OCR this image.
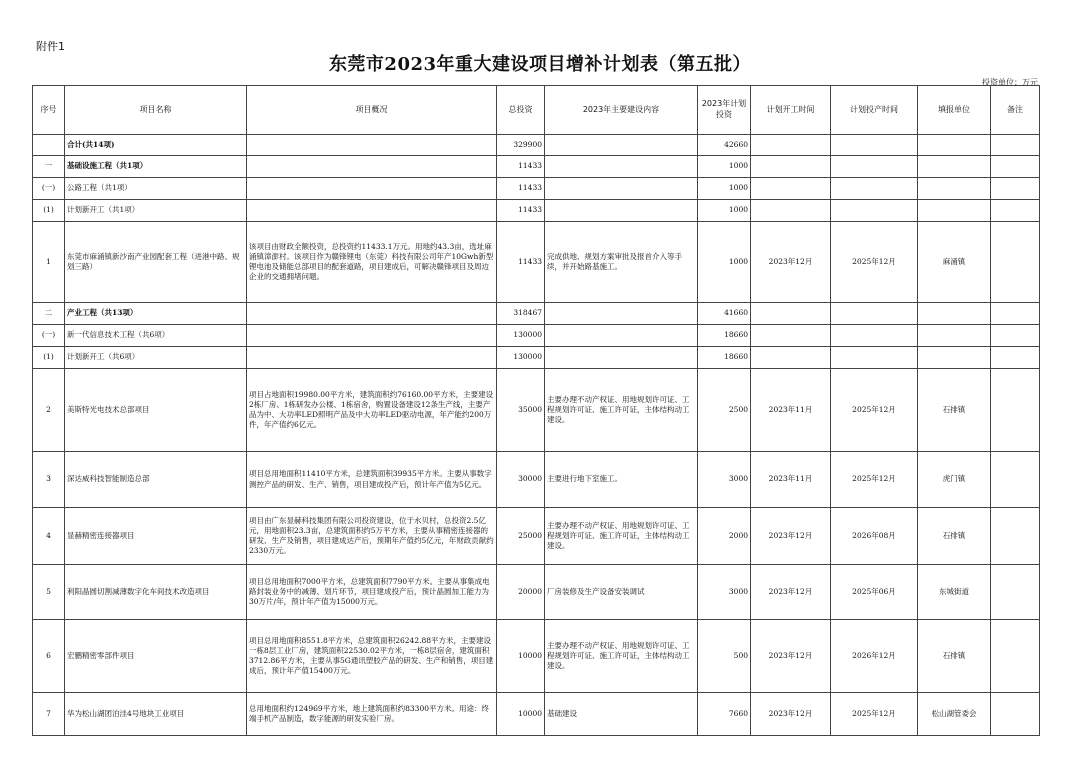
附件1
东莞市2023年重大建设项目增补计划表（第五批）
投资单位：万元
序号	项目名称	项目概况	总投资	2023年主要建设内容	2023年计划投资	计划开工时间	计划投产时间	填报单位	备注
	合计(共14项)		329900		42660				
一	基础设施工程（共1项）		11433		1000				
(一)	公路工程（共1项）		11433		1000				
(1)	计划新开工（共1项）		11433		1000				
1	东莞市麻涌镇新沙南产业园配套工程（进港中路、规划三路）	该项目由财政全额投资，总投资约11433.1万元。用地约43.3亩，选址麻涌镇漳澎村。该项目作为赣锋锂电（东莞）科技有限公司年产10Gwh新型锂电池及储能总部项目的配套道路，项目建成后，可解决赣锋项目及周边企业的交通拥堵问题。	11433	完成供地、规划方案审批及报首介入等手续，并开始路基施工。	1000	2023年12月	2025年12月	麻涌镇	
二	产业工程（共13项）		318467		41660				
(一)	新一代信息技术工程（共6项）		130000		18660				
(1)	计划新开工（共6项）		130000		18660				
2	美斯特光电技术总部项目	项目占地面积19980.00平方米，建筑面积约76160.00平方米，主要建设2栋厂房、1栋研发办公楼、1栋宿舍，购置设备建设12条生产线，主要产品为中、大功率LED照明产品及中大功率LED驱动电源，年产能约200万件，年产值约6亿元。	35000	主要办理不动产权证、用地规划许可证、工程规划许可证、施工许可证，主体结构动工建设。	2500	2023年11月	2025年12月	石排镇	
3	深达威科技智能制造总部	项目总用地面积11410平方米，总建筑面积39935平方米。主要从事数字测控产品的研发、生产、销售，项目建成投产后，预计年产值为5亿元。	30000	主要进行地下室施工。	3000	2023年11月	2025年12月	虎门镇	
4	显赫精密连接器项目	项目由广东显赫科技集团有限公司投资建设，位于水贝村，总投资2.5亿元，用地面积23.3亩，总建筑面积约5万平方米，主要从事精密连接器的研发、生产及销售，项目建成达产后，预期年产值约5亿元，年财政贡献约2330万元。	25000	主要办理不动产权证、用地规划许可证、工程规划许可证、施工许可证，主体结构动工建设。	2000	2023年12月	2026年08月	石排镇	
5	利阳晶圆切割减薄数字化车间技术改造项目	项目总用地面积7000平方米，总建筑面积7790平方米。主要从事集成电路封装业务中的减薄、划片环节，项目建成投产后，预计晶圆加工能力为30万片/年，预计年产值为15000万元。	20000	厂房装修及生产设备安装调试	3000	2023年12月	2025年06月	东城街道	
6	宏鹏精密零部件项目	项目总用地面积8551.8平方米，总建筑面积26242.88平方米，主要建设一栋8层工业厂房，建筑面积22530.02平方米，一栋8层宿舍，建筑面积3712.86平方米，主要从事5G通讯塑胶产品的研发、生产和销售，项目建成后，预计年产值15400万元。	10000	主要办理不动产权证、用地规划许可证、工程规划许可证、施工许可证，主体结构动工建设。	500	2023年12月	2026年12月	石排镇	
7	华为松山湖团泊洼4号地块工业项目	总用地面积约124969平方米，地上建筑面积约83300平方米。用途：终端手机产品制造，数字能源的研发实验厂房。	10000	基础建设	7660	2023年12月	2025年12月	松山湖管委会	
